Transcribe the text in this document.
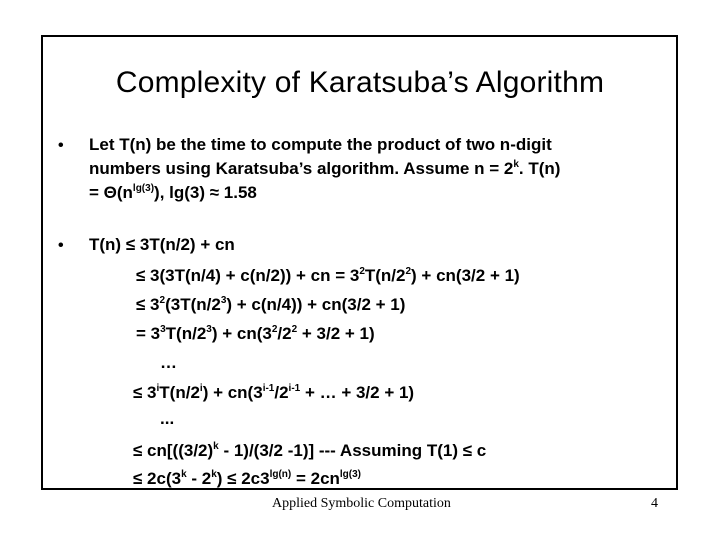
Complexity of Karatsuba’s Algorithm
• Let T(n) be the time to compute the product of two n-digit
numbers using Karatsuba’s algorithm. Assume $n = 2^k$. T(n)
= $\Theta(n^{lg(3)})$, lg(3) ≈ 1.58
• T(n) ≤ 3T(n/2) + cn
≤ 3(3T(n/4) + c(n/2)) + cn = $3^2T(n/2^2) + cn(3/2 + 1)$
≤ $3^2(3T(n/2^3) + c(n/4)) + cn(3/2 + 1)$
= $3^3T(n/2^3) + cn(3^2/2^2 + 3/2 + 1)$
…
≤ $3^iT(n/2^i) + cn(3^{i-1}/2^{i-1}$ + … + 3/2 + 1)
...
≤ $cn[((3/2)^k - 1)/(3/2$ -1)] --- Assuming T(1) ≤ c
≤ $2c(3^k - 2^k) \le 2c3^{lg(n)} = 2cn^{lg(3)}$
Applied Symbolic Computation	4
